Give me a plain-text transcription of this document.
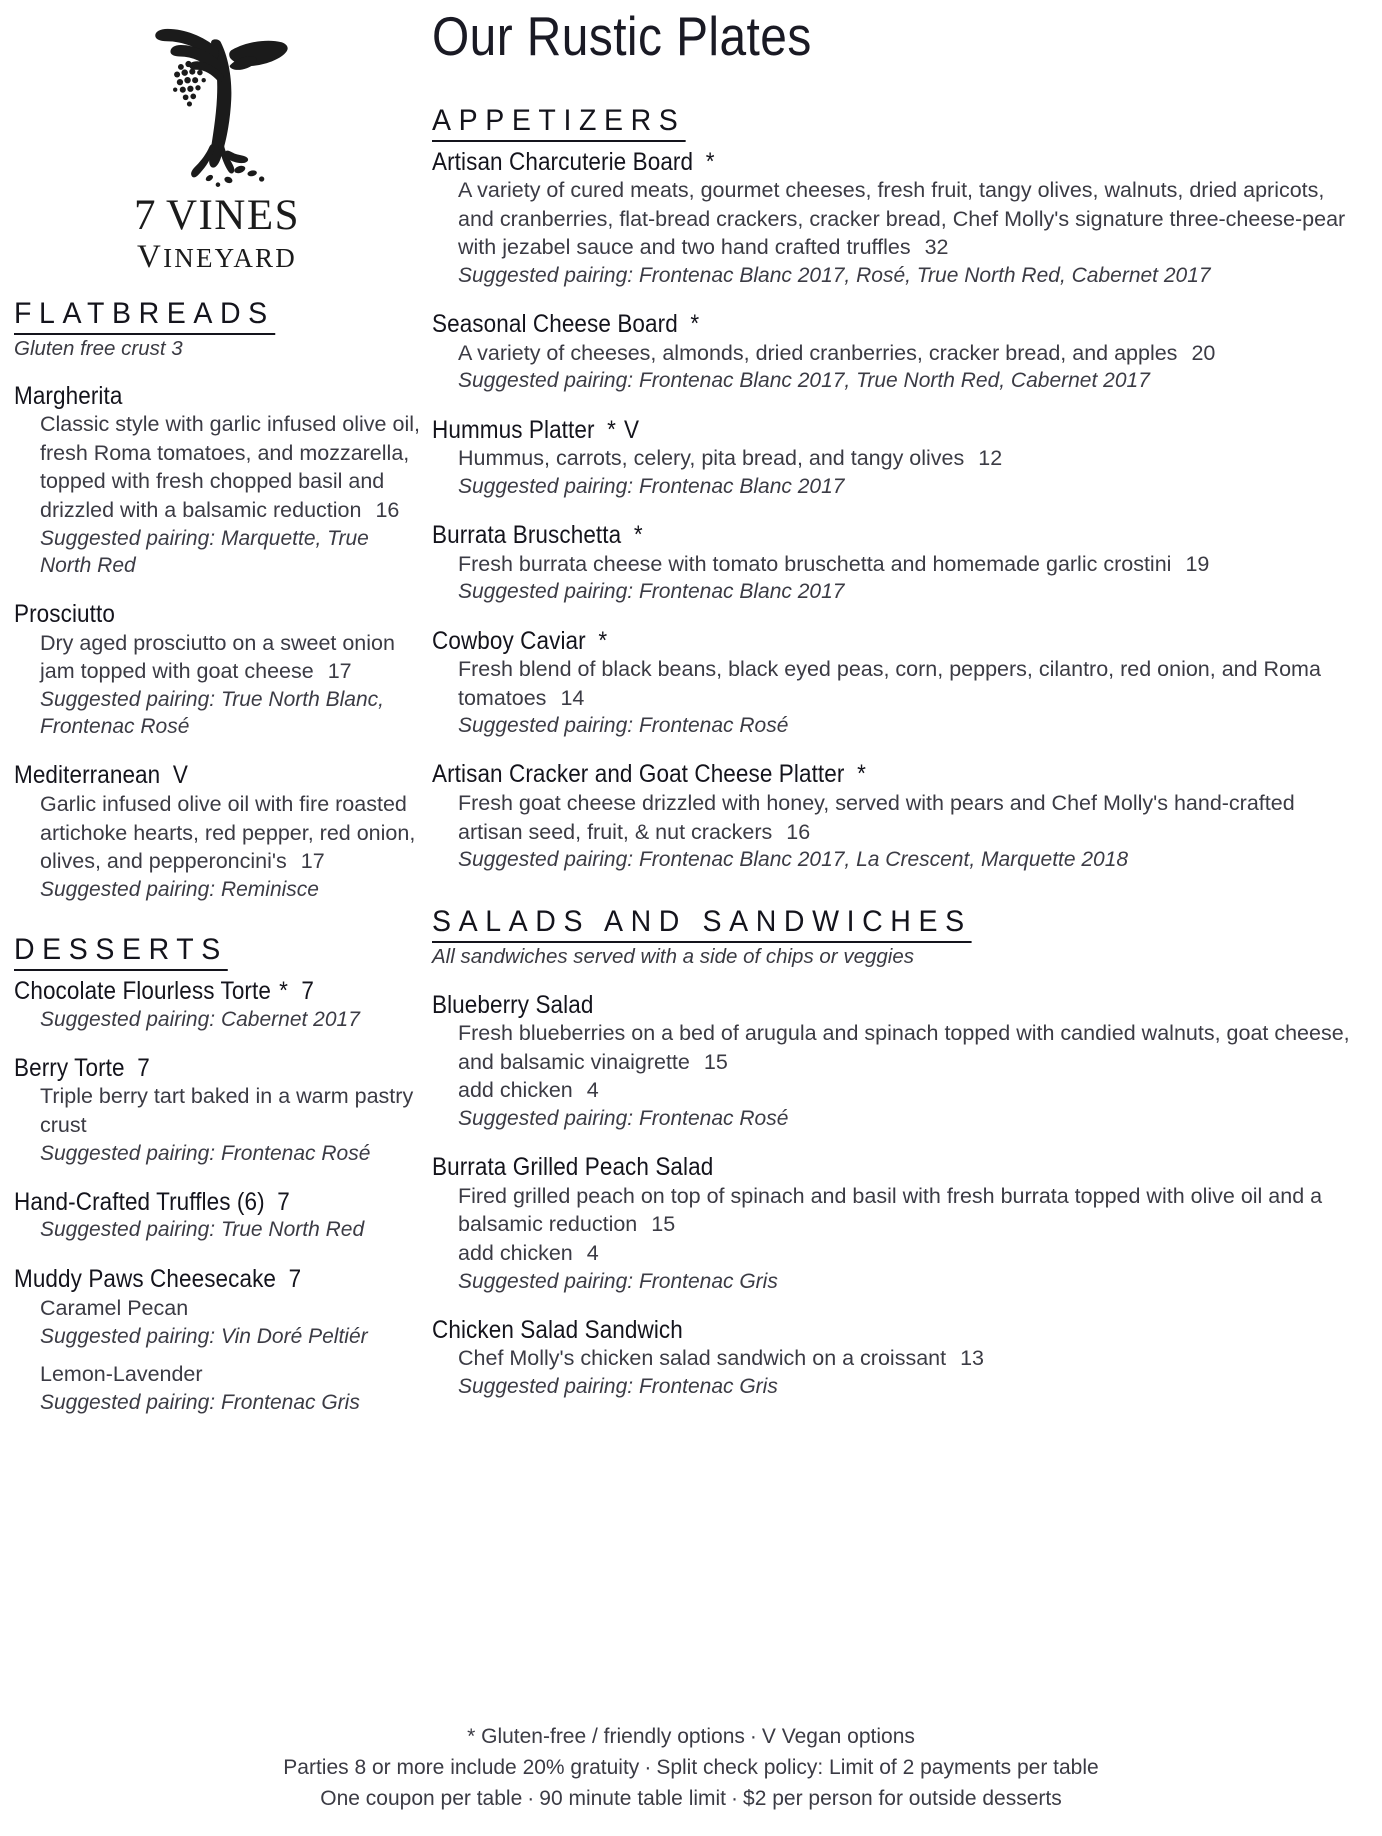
7 VINES
VINEYARD
FLATBREADS
Gluten free crust 3
Margherita
Classic style with garlic infused olive oil, fresh Roma tomatoes, and mozzarella, topped with fresh chopped basil and drizzled with a balsamic reduction 16
Suggested pairing: Marquette, True North Red
Prosciutto
Dry aged prosciutto on a sweet onion jam topped with goat cheese 17
Suggested pairing: True North Blanc, Frontenac Rosé
Mediterranean V
Garlic infused olive oil with fire roasted artichoke hearts, red pepper, red onion, olives, and pepperoncini's 17
Suggested pairing: Reminisce
DESSERTS
Chocolate Flourless Torte * 7
Suggested pairing: Cabernet 2017
Berry Torte 7
Triple berry tart baked in a warm pastry crust
Suggested pairing: Frontenac Rosé
Hand-Crafted Truffles (6) 7
Suggested pairing: True North Red
Muddy Paws Cheesecake 7
Caramel Pecan
Suggested pairing: Vin Doré Peltiér
Lemon-Lavender
Suggested pairing: Frontenac Gris
Our Rustic Plates
APPETIZERS
Artisan Charcuterie Board *
A variety of cured meats, gourmet cheeses, fresh fruit, tangy olives, walnuts, dried apricots, and cranberries, flat-bread crackers, cracker bread, Chef Molly's signature three-cheese-pear with jezabel sauce and two hand crafted truffles 32
Suggested pairing: Frontenac Blanc 2017, Rosé, True North Red, Cabernet 2017
Seasonal Cheese Board *
A variety of cheeses, almonds, dried cranberries, cracker bread, and apples 20
Suggested pairing: Frontenac Blanc 2017, True North Red, Cabernet 2017
Hummus Platter * V
Hummus, carrots, celery, pita bread, and tangy olives 12
Suggested pairing: Frontenac Blanc 2017
Burrata Bruschetta *
Fresh burrata cheese with tomato bruschetta and homemade garlic crostini 19
Suggested pairing: Frontenac Blanc 2017
Cowboy Caviar *
Fresh blend of black beans, black eyed peas, corn, peppers, cilantro, red onion, and Roma tomatoes 14
Suggested pairing: Frontenac Rosé
Artisan Cracker and Goat Cheese Platter *
Fresh goat cheese drizzled with honey, served with pears and Chef Molly's hand-crafted artisan seed, fruit, & nut crackers 16
Suggested pairing: Frontenac Blanc 2017, La Crescent, Marquette 2018
SALADS AND SANDWICHES
All sandwiches served with a side of chips or veggies
Blueberry Salad
Fresh blueberries on a bed of arugula and spinach topped with candied walnuts, goat cheese, and balsamic vinaigrette 15
add chicken 4
Suggested pairing: Frontenac Rosé
Burrata Grilled Peach Salad
Fired grilled peach on top of spinach and basil with fresh burrata topped with olive oil and a balsamic reduction 15
add chicken 4
Suggested pairing: Frontenac Gris
Chicken Salad Sandwich
Chef Molly's chicken salad sandwich on a croissant 13
Suggested pairing: Frontenac Gris
* Gluten-free / friendly options · V Vegan options
Parties 8 or more include 20% gratuity · Split check policy: Limit of 2 payments per table
One coupon per table · 90 minute table limit · $2 per person for outside desserts
